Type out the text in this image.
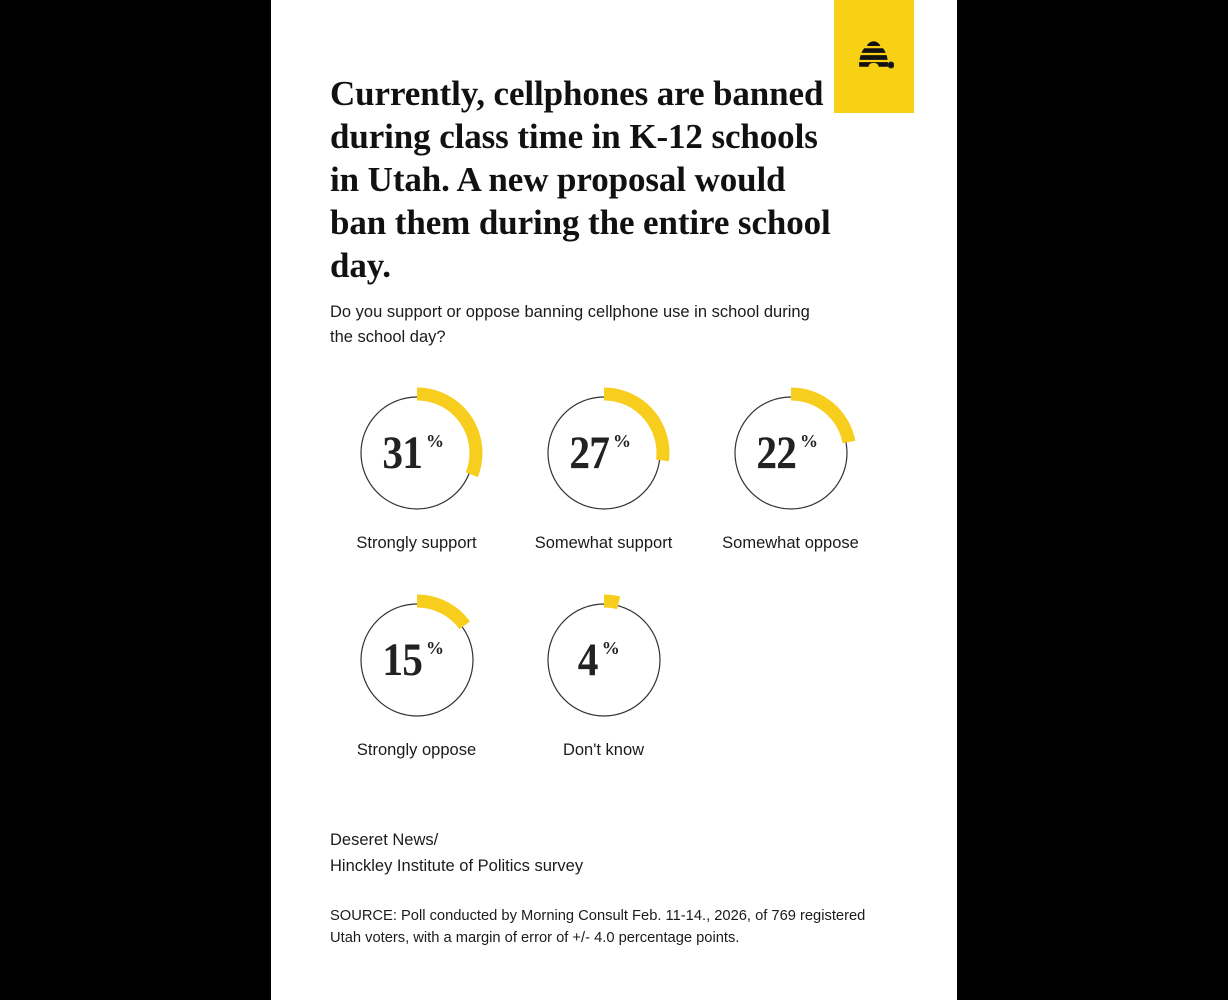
Currently, cellphones are banned during class time in K-12 schools in Utah. A new proposal would ban them during the entire school day.

Do you support or oppose banning cellphone use in school during the school day?

31 %
Strongly support
27 %
Somewhat support
22 %
Somewhat oppose
15 %
Strongly oppose
4 %
Don't know
Deseret News/
Hinckley Institute of Politics survey
SOURCE: Poll conducted by Morning Consult Feb. 11-14., 2026, of 769 registered Utah voters, with a margin of error of +/- 4.0 percentage points.
